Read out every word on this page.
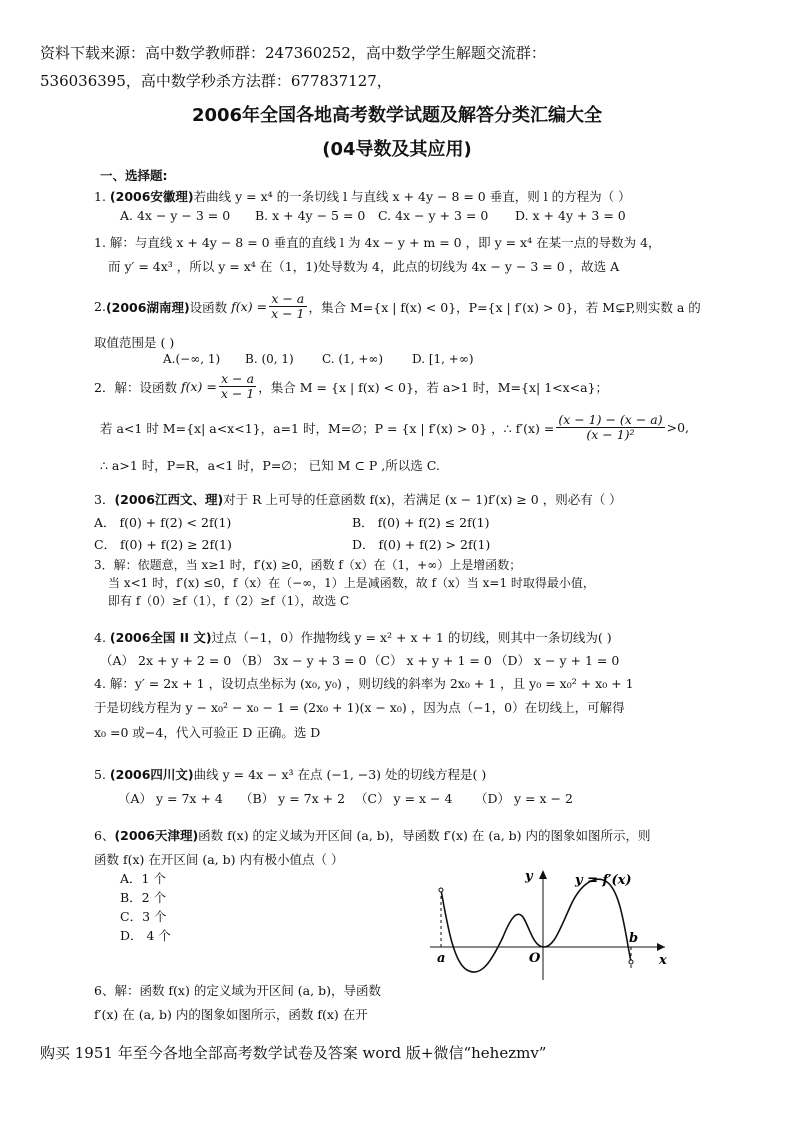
资料下载来源：高中数学教师群：247360252，高中数学学生解题交流群：
536036395，高中数学秒杀方法群：677837127，
2006年全国各地高考数学试题及解答分类汇编大全
(04导数及其应用)
一、选择题:
1. (2006安徽理)若曲线 y = x⁴ 的一条切线 l 与直线 x + 4y − 8 = 0 垂直，则 l 的方程为（ ）
A. 4x − y − 3 = 0 B. x + 4y − 5 = 0 C. 4x − y + 3 = 0 D. x + 4y + 3 = 0
1. 解：与直线 x + 4y − 8 = 0 垂直的直线 l 为 4x − y + m = 0 ，即 y = x⁴ 在某一点的导数为 4，
而 y′ = 4x³ ，所以 y = x⁴ 在（1，1)处导数为 4，此点的切线为 4x − y − 3 = 0 ，故选 A
2. (2006湖南理) 设函数 $f(x) = \frac{x - a}{x - 1}$ ，集合 M={x | f(x) < 0}，P={x | f′(x) > 0}，若 M⊊P,则实数 a 的
取值范围是 ( )
A.(−∞, 1) B. (0, 1) C. (1, +∞) D. [1, +∞)
2．解：设函数 $f(x) = \frac{x - a}{x - 1}$ ，集合 M = {x | f(x) < 0}，若 a>1 时，M={x| 1<x<a}；
若 a<1 时 M={x| a<x<1}，a=1 时，M=∅；P = {x | f′(x) > 0} ，∴ $f'(x) = \frac{(x - 1) - (x - a)}{\text{(x − 1)²}} >0$,
∴ a>1 时，P=R，a<1 时，P=∅； 已知 M ⊂ P ,所以选 C.
3．(2006江西文、理)对于 R 上可导的任意函数 f(x)，若满足 (x − 1)f′(x) ≥ 0 ，则必有（ ）
A． f(0) + f(2) < 2f(1)	B． f(0) + f(2) ≤ 2f(1)
C． f(0) + f(2) ≥ 2f(1)	D． f(0) + f(2) > 2f(1)
3．解：依题意，当 x≥1 时，f′(x) ≥0，函数 f（x）在（1，+∞）上是增函数；
当 x<1 时，f′(x) ≤0，f（x）在（−∞，1）上是减函数，故 f（x）当 x=1 时取得最小值，
即有 f（0）≥f（1），f（2）≥f（1），故选 C
4. (2006全国 II 文)过点（−1，0）作抛物线 y = x² + x + 1 的切线，则其中一条切线为( )
（A） 2x + y + 2 = 0 （B） 3x − y + 3 = 0 （C） x + y + 1 = 0 （D） x − y + 1 = 0
4. 解：y′ = 2x + 1 ，设切点坐标为 (x₀, y₀) ，则切线的斜率为 2x₀ + 1 ，且 y₀ = x₀² + x₀ + 1
于是切线方程为 y − x₀² − x₀ − 1 = (2x₀ + 1)(x − x₀) ，因为点（−1，0）在切线上，可解得
x₀ =0 或−4，代入可验正 D 正确。选 D
5. (2006四川文)曲线 y = 4x − x³ 在点 (−1, −3) 处的切线方程是( )
（A） y = 7x + 4 （B） y = 7x + 2 （C） y = x − 4 （D） y = x − 2
6、(2006天津理)函数 f(x) 的定义域为开区间 (a, b)，导函数 f′(x) 在 (a, b) 内的图象如图所示，则
函数 f(x) 在开区间 (a, b) 内有极小值点（ ）
A．1 个
B．2 个
C．3 个
D． 4 个
6、解：函数 f(x) 的定义域为开区间 (a, b)，导函数
f′(x) 在 (a, b) 内的图象如图所示，函数 f(x) 在开
y
x
y = f′(x)
a
b
O
购买 1951 年至今各地全部高考数学试卷及答案 word 版+微信“hehezmv”
